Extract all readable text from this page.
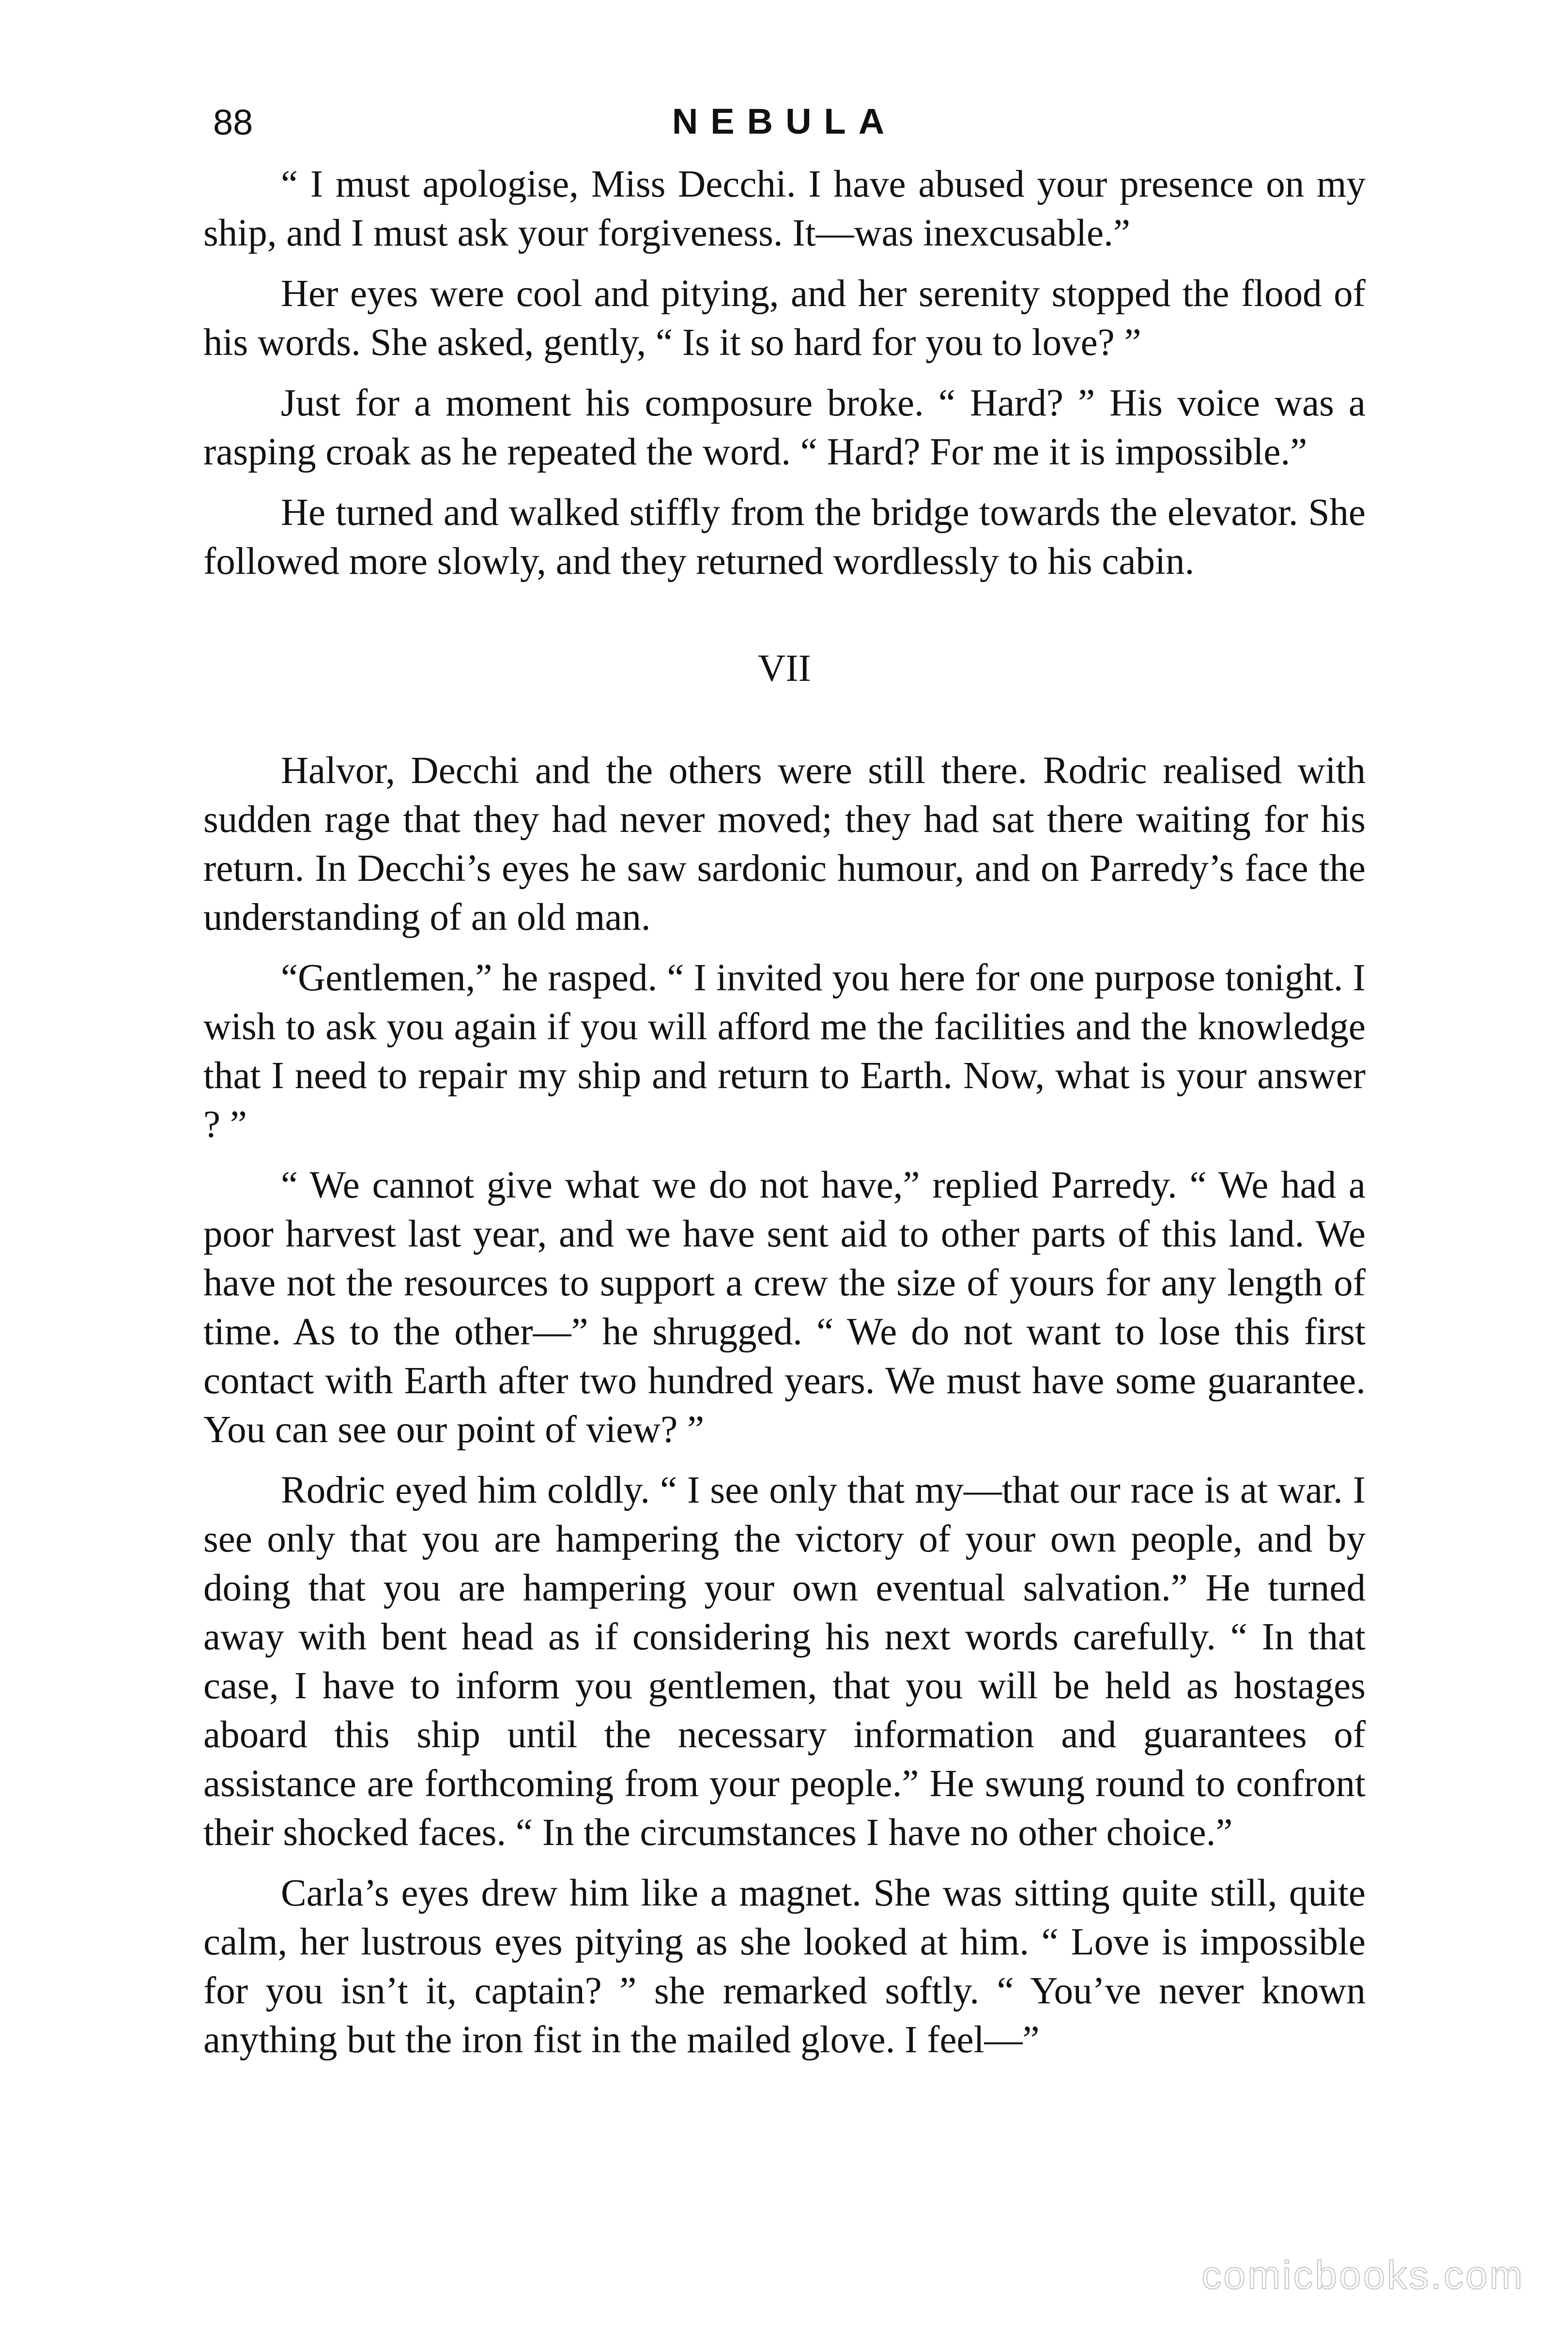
88	NEBULA

“ I must apologise, Miss Decchi. I have abused your presence on my ship, and I must ask your forgiveness. It—was inexcusable.”

Her eyes were cool and pitying, and her serenity stopped the flood of his words. She asked, gently, “ Is it so hard for you to love? ”

Just for a moment his composure broke. “ Hard? ” His voice was a rasping croak as he repeated the word. “ Hard? For me it is impossible.”

He turned and walked stiffly from the bridge towards the elevator. She followed more slowly, and they returned wordlessly to his cabin.

VII

Halvor, Decchi and the others were still there. Rodric realised with sudden rage that they had never moved; they had sat there waiting for his return. In Decchi’s eyes he saw sardonic humour, and on Parredy’s face the understanding of an old man.

“Gentlemen,” he rasped. “ I invited you here for one purpose tonight. I wish to ask you again if you will afford me the facilities and the knowledge that I need to repair my ship and return to Earth. Now, what is your answer ? ”

“ We cannot give what we do not have,” replied Parredy. “ We had a poor harvest last year, and we have sent aid to other parts of this land. We have not the resources to support a crew the size of yours for any length of time. As to the other—” he shrugged. “ We do not want to lose this first contact with Earth after two hundred years. We must have some guarantee. You can see our point of view? ”

Rodric eyed him coldly. “ I see only that my—that our race is at war. I see only that you are hampering the victory of your own people, and by doing that you are hampering your own eventual salvation.” He turned away with bent head as if considering his next words carefully. “ In that case, I have to inform you gentlemen, that you will be held as hostages aboard this ship until the necessary information and guarantees of assistance are forthcoming from your people.” He swung round to confront their shocked faces. “ In the circumstances I have no other choice.”

Carla’s eyes drew him like a magnet. She was sitting quite still, quite calm, her lustrous eyes pitying as she looked at him. “ Love is impossible for you isn’t it, captain? ” she remarked softly. “ You’ve never known anything but the iron fist in the mailed glove. I feel—”

comicbooks.com
